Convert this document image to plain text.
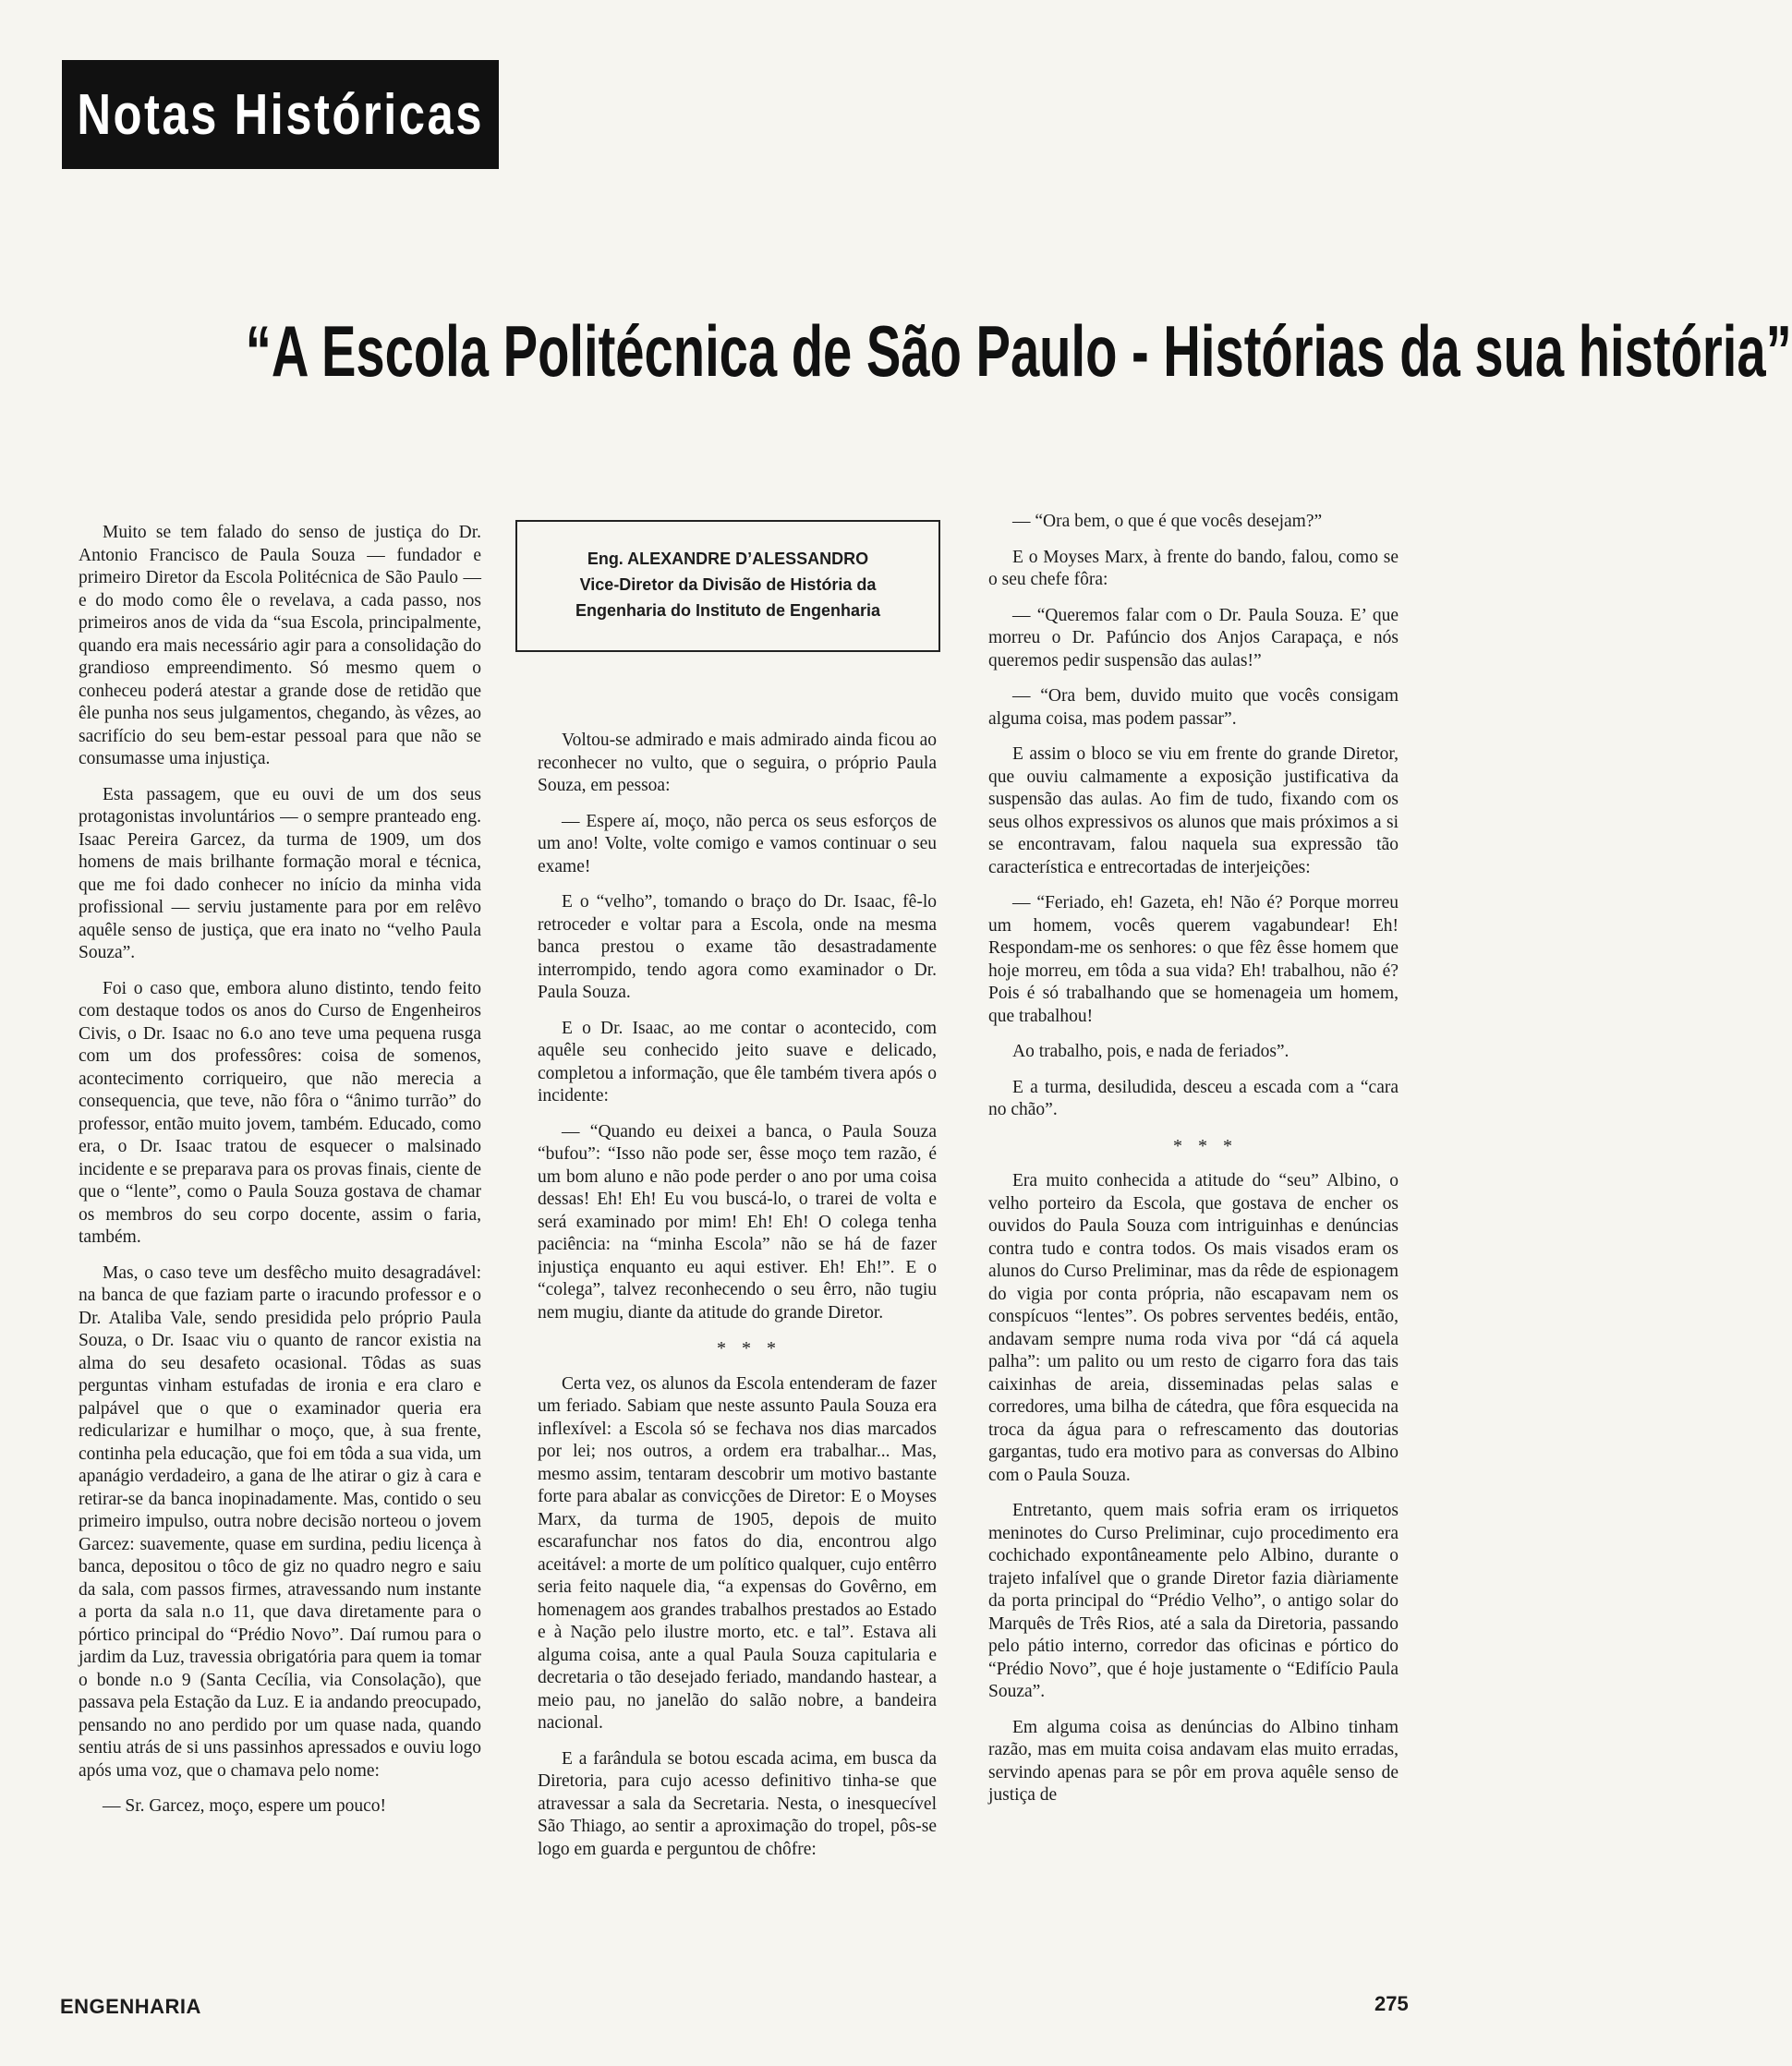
Notas Históricas
“A Escola Politécnica de São Paulo - Histórias da sua história”

Muito se tem falado do senso de justiça do Dr. Antonio Francisco de Paula Souza — fundador e primeiro Diretor da Escola Politécnica de São Paulo — e do modo como êle o revelava, a cada passo, nos primeiros anos de vida da “sua Escola, principalmente, quando era mais necessário agir para a consolidação do grandioso empreendimento. Só mesmo quem o conheceu poderá atestar a grande dose de retidão que êle punha nos seus julgamentos, chegando, às vêzes, ao sacrifício do seu bem-estar pessoal para que não se consumasse uma injustiça.

Esta passagem, que eu ouvi de um dos seus protagonistas involuntários — o sempre pranteado eng. Isaac Pereira Garcez, da turma de 1909, um dos homens de mais brilhante formação moral e técnica, que me foi dado conhecer no início da minha vida profissional — serviu justamente para por em relêvo aquêle senso de justiça, que era inato no “velho Paula Souza”.

Foi o caso que, embora aluno distinto, tendo feito com destaque todos os anos do Curso de Engenheiros Civis, o Dr. Isaac no 6.o ano teve uma pequena rusga com um dos professôres: coisa de somenos, acontecimento corriqueiro, que não merecia a consequencia, que teve, não fôra o “ânimo turrão” do professor, então muito jovem, também. Educado, como era, o Dr. Isaac tratou de esquecer o malsinado incidente e se preparava para os provas finais, ciente de que o “lente”, como o Paula Souza gostava de chamar os membros do seu corpo docente, assim o faria, também.

Mas, o caso teve um desfêcho muito desagradável: na banca de que faziam parte o iracundo professor e o Dr. Ataliba Vale, sendo presidida pelo próprio Paula Souza, o Dr. Isaac viu o quanto de rancor existia na alma do seu desafeto ocasional. Tôdas as suas perguntas vinham estufadas de ironia e era claro e palpável que o que o examinador queria era redicularizar e humilhar o moço, que, à sua frente, continha pela educação, que foi em tôda a sua vida, um apanágio verdadeiro, a gana de lhe atirar o giz à cara e retirar-se da banca inopinadamente. Mas, contido o seu primeiro impulso, outra nobre decisão norteou o jovem Garcez: suavemente, quase em surdina, pediu licença à banca, depositou o tôco de giz no quadro negro e saiu da sala, com passos firmes, atravessando num instante a porta da sala n.o 11, que dava diretamente para o pórtico principal do “Prédio Novo”. Daí rumou para o jardim da Luz, travessia obrigatória para quem ia tomar o bonde n.o 9 (Santa Cecília, via Consolação), que passava pela Estação da Luz. E ia andando preocupado, pensando no ano perdido por um quase nada, quando sentiu atrás de si uns passinhos apressados e ouviu logo após uma voz, que o chamava pelo nome:

— Sr. Garcez, moço, espere um pouco!

Eng. ALEXANDRE D’ALESSANDRO
Vice-Diretor da Divisão de História da
Engenharia do Instituto de Engenharia

Voltou-se admirado e mais admirado ainda ficou ao reconhecer no vulto, que o seguira, o próprio Paula Souza, em pessoa:

— Espere aí, moço, não perca os seus esforços de um ano! Volte, volte comigo e vamos continuar o seu exame!

E o “velho”, tomando o braço do Dr. Isaac, fê-lo retroceder e voltar para a Escola, onde na mesma banca prestou o exame tão desastradamente interrompido, tendo agora como examinador o Dr. Paula Souza.

E o Dr. Isaac, ao me contar o acontecido, com aquêle seu conhecido jeito suave e delicado, completou a informação, que êle também tivera após o incidente:

— “Quando eu deixei a banca, o Paula Souza “bufou”: “Isso não pode ser, êsse moço tem razão, é um bom aluno e não pode perder o ano por uma coisa dessas! Eh! Eh! Eu vou buscá-lo, o trarei de volta e será examinado por mim! Eh! Eh! O colega tenha paciência: na “minha Escola” não se há de fazer injustiça enquanto eu aqui estiver. Eh! Eh!”. E o “colega”, talvez reconhecendo o seu êrro, não tugiu nem mugiu, diante da atitude do grande Diretor.

* * *

Certa vez, os alunos da Escola entenderam de fazer um feriado. Sabiam que neste assunto Paula Souza era inflexível: a Escola só se fechava nos dias marcados por lei; nos outros, a ordem era trabalhar... Mas, mesmo assim, tentaram descobrir um motivo bastante forte para abalar as convicções de Diretor: E o Moyses Marx, da turma de 1905, depois de muito escarafunchar nos fatos do dia, encontrou algo aceitável: a morte de um político qualquer, cujo entêrro seria feito naquele dia, “a expensas do Govêrno, em homenagem aos grandes trabalhos prestados ao Estado e à Nação pelo ilustre morto, etc. e tal”. Estava ali alguma coisa, ante a qual Paula Souza capitularia e decretaria o tão desejado feriado, mandando hastear, a meio pau, no janelão do salão nobre, a bandeira nacional.

E a farândula se botou escada acima, em busca da Diretoria, para cujo acesso definitivo tinha-se que atravessar a sala da Secretaria. Nesta, o inesquecível São Thiago, ao sentir a aproximação do tropel, pôs-se logo em guarda e perguntou de chôfre:

— “Ora bem, o que é que vocês desejam?”

E o Moyses Marx, à frente do bando, falou, como se o seu chefe fôra:

— “Queremos falar com o Dr. Paula Souza. E’ que morreu o Dr. Pafúncio dos Anjos Carapaça, e nós queremos pedir suspensão das aulas!”

— “Ora bem, duvido muito que vocês consigam alguma coisa, mas podem passar”.

E assim o bloco se viu em frente do grande Diretor, que ouviu calmamente a exposição justificativa da suspensão das aulas. Ao fim de tudo, fixando com os seus olhos expressivos os alunos que mais próximos a si se encontravam, falou naquela sua expressão tão característica e entrecortadas de interjeições:

— “Feriado, eh! Gazeta, eh! Não é? Porque morreu um homem, vocês querem vagabundear! Eh! Respondam-me os senhores: o que fêz êsse homem que hoje morreu, em tôda a sua vida? Eh! trabalhou, não é? Pois é só trabalhando que se homenageia um homem, que trabalhou!

Ao trabalho, pois, e nada de feriados”.

E a turma, desiludida, desceu a escada com a “cara no chão”.

* * *

Era muito conhecida a atitude do “seu” Albino, o velho porteiro da Escola, que gostava de encher os ouvidos do Paula Souza com intriguinhas e denúncias contra tudo e contra todos. Os mais visados eram os alunos do Curso Preliminar, mas da rêde de espionagem do vigia por conta própria, não escapavam nem os conspícuos “lentes”. Os pobres serventes bedéis, então, andavam sempre numa roda viva por “dá cá aquela palha”: um palito ou um resto de cigarro fora das tais caixinhas de areia, disseminadas pelas salas e corredores, uma bilha de cátedra, que fôra esquecida na troca da água para o refrescamento das doutorias gargantas, tudo era motivo para as conversas do Albino com o Paula Souza.

Entretanto, quem mais sofria eram os irriquetos meninotes do Curso Preliminar, cujo procedimento era cochichado expontâneamente pelo Albino, durante o trajeto infalível que o grande Diretor fazia diàriamente da porta principal do “Prédio Velho”, o antigo solar do Marquês de Três Rios, até a sala da Diretoria, passando pelo pátio interno, corredor das oficinas e pórtico do “Prédio Novo”, que é hoje justamente o “Edifício Paula Souza”.

Em alguma coisa as denúncias do Albino tinham razão, mas em muita coisa andavam elas muito erradas, servindo apenas para se pôr em prova aquêle senso de justiça de

ENGENHARIA	275
